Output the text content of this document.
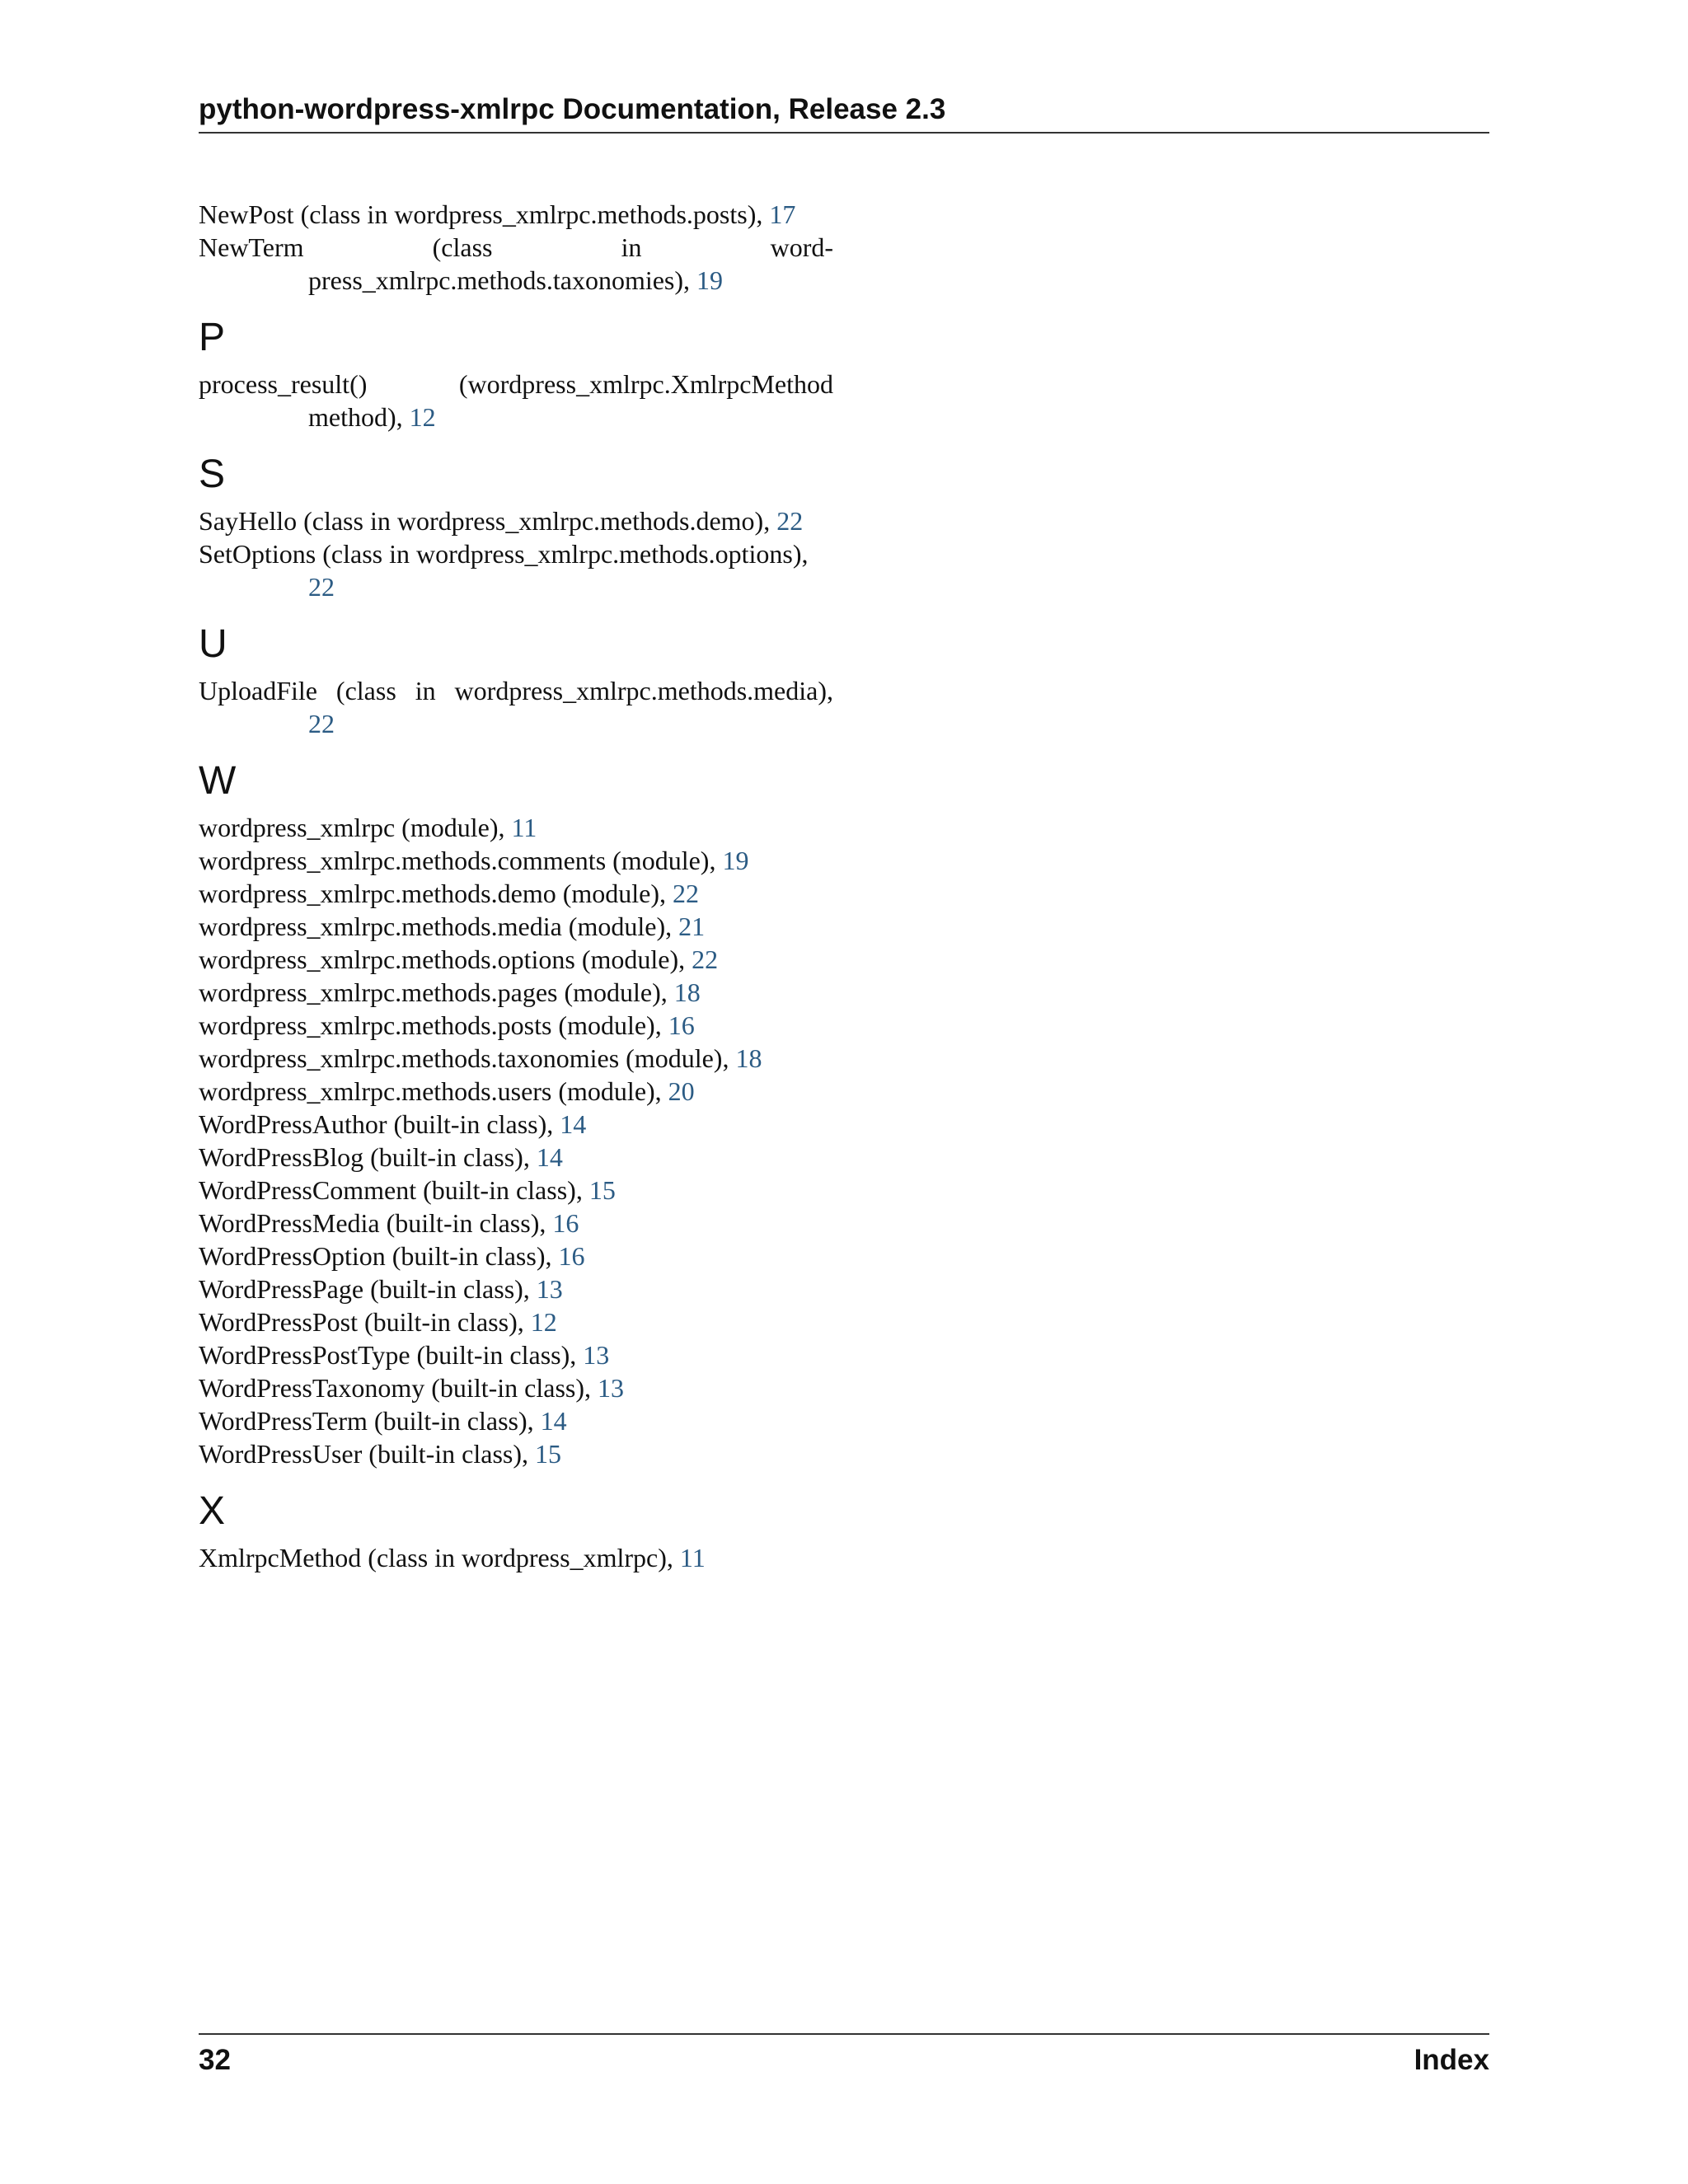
python-wordpress-xmlrpc Documentation, Release 2.3
NewPost (class in wordpress_xmlrpc.methods.posts), 17
NewTerm	(class	in	word-
press_xmlrpc.methods.taxonomies), 19
P
process_result()	(wordpress_xmlrpc.XmlrpcMethod
method), 12
S
SayHello (class in wordpress_xmlrpc.methods.demo), 22
SetOptions (class in wordpress_xmlrpc.methods.options),
22
U
UploadFile (class in wordpress_xmlrpc.methods.media),
22
W
wordpress_xmlrpc (module), 11
wordpress_xmlrpc.methods.comments (module), 19
wordpress_xmlrpc.methods.demo (module), 22
wordpress_xmlrpc.methods.media (module), 21
wordpress_xmlrpc.methods.options (module), 22
wordpress_xmlrpc.methods.pages (module), 18
wordpress_xmlrpc.methods.posts (module), 16
wordpress_xmlrpc.methods.taxonomies (module), 18
wordpress_xmlrpc.methods.users (module), 20
WordPressAuthor (built-in class), 14
WordPressBlog (built-in class), 14
WordPressComment (built-in class), 15
WordPressMedia (built-in class), 16
WordPressOption (built-in class), 16
WordPressPage (built-in class), 13
WordPressPost (built-in class), 12
WordPressPostType (built-in class), 13
WordPressTaxonomy (built-in class), 13
WordPressTerm (built-in class), 14
WordPressUser (built-in class), 15
X
XmlrpcMethod (class in wordpress_xmlrpc), 11
32	Index
